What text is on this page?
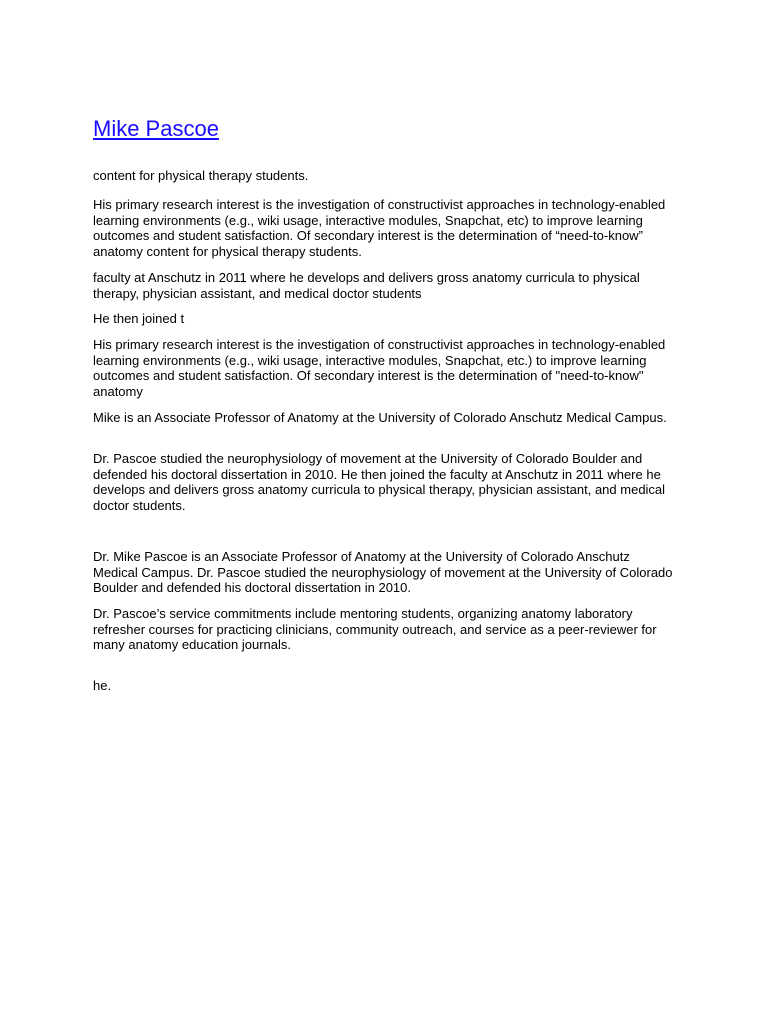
Mike Pascoe

content for physical therapy students.

His primary research interest is the investigation of constructivist approaches in technology-enabled learning environments (e.g., wiki usage, interactive modules, Snapchat, etc) to improve learning outcomes and student satisfaction. Of secondary interest is the determination of “need-to-know” anatomy content for physical therapy students.

faculty at Anschutz in 2011 where he develops and delivers gross anatomy curricula to physical therapy, physician assistant, and medical doctor students

He then joined t

His primary research interest is the investigation of constructivist approaches in technology-enabled learning environments (e.g., wiki usage, interactive modules, Snapchat, etc.) to improve learning outcomes and student satisfaction. Of secondary interest is the determination of "need-to-know" anatomy

Mike is an Associate Professor of Anatomy at the University of Colorado Anschutz Medical Campus.

Dr. Pascoe studied the neurophysiology of movement at the University of Colorado Boulder and defended his doctoral dissertation in 2010. He then joined the faculty at Anschutz in 2011 where he develops and delivers gross anatomy curricula to physical therapy, physician assistant, and medical doctor students.

Dr. Mike Pascoe is an Associate Professor of Anatomy at the University of Colorado Anschutz Medical Campus. Dr. Pascoe studied the neurophysiology of movement at the University of Colorado Boulder and defended his doctoral dissertation in 2010.

Dr. Pascoe’s service commitments include mentoring students, organizing anatomy laboratory refresher courses for practicing clinicians, community outreach, and service as a peer-reviewer for many anatomy education journals.

he.
